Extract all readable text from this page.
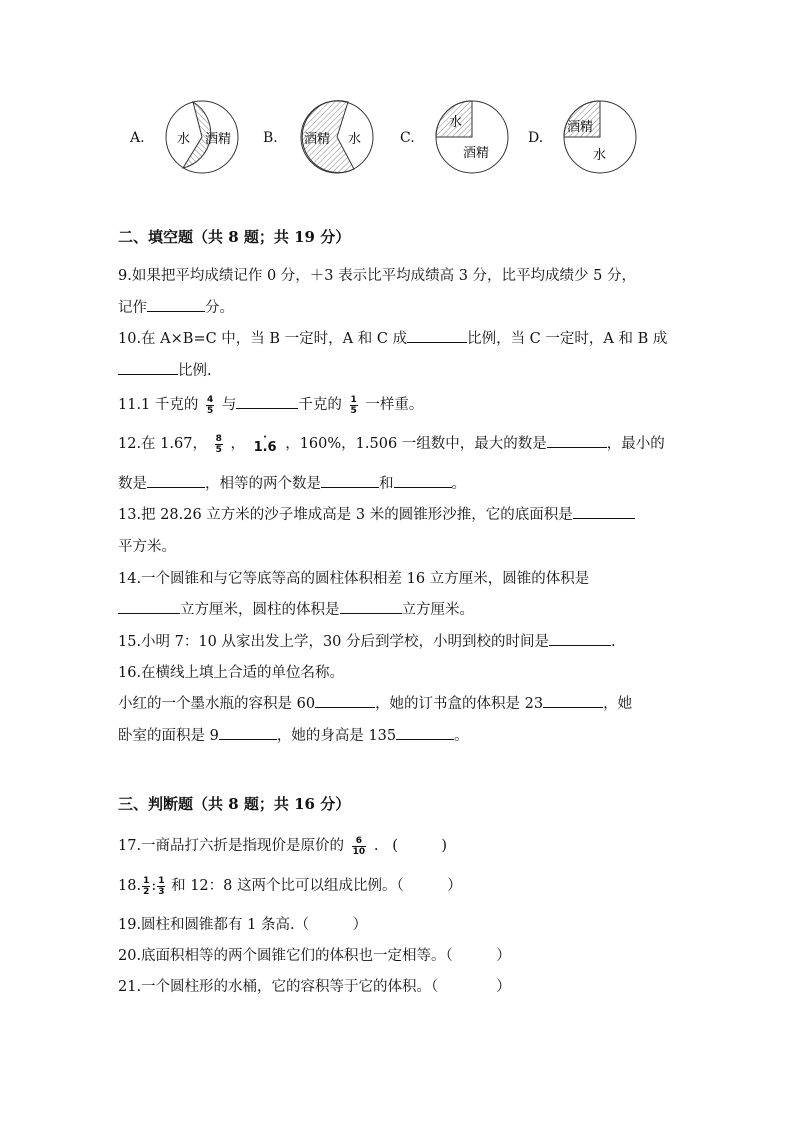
A. 水 酒精 B. 酒精 水	C.
水
酒精
D.
酒精
水
二、填空题（共 8 题；共 19 分）
9.如果把平均成绩记作 0 分，＋3 表示比平均成绩高 3 分，比平均成绩少 5 分，
记作	分。
10.在 A×B=C 中，当 B 一定时，A 和 C 成	比例，当 C 一定时，A 和 B 成
比例.
11.1 千克的 $\frac{4}{5}$ 与	千克的 $\frac{1}{5}$ 一样重。
12.在 1.67， $\frac{8}{5}$ ，	·
1.6 ，160%，1.506 一组数中，最大的数是	，最小的
数是	，相等的两个数是	和	。
13.把 28.26 立方米的沙子堆成高是 3 米的圆锥形沙推，它的底面积是
平方米。
14.一个圆锥和与它等底等高的圆柱体积相差 16 立方厘米，圆锥的体积是
立方厘米，圆柱的体积是	立方厘米。
15.小明 7：10 从家出发上学，30 分后到学校，小明到校的时间是	.
16.在横线上填上合适的单位名称。
小红的一个墨水瓶的容积是 60	，她的订书盒的体积是 23	，她
卧室的面积是 9	，她的身高是 135	。
三、判断题（共 8 题；共 16 分）
17.一商品打六折是指现价是原价的 $\frac{6}{10}$ . (　　　)
18. $\frac{1}{2}$ : $\frac{1}{3}$ 和 12：8 这两个比可以组成比例。（　　　）
19.圆柱和圆锥都有 1 条高.（　　　）
20.底面积相等的两个圆锥它们的体积也一定相等。（　　　）
21.一个圆柱形的水桶，它的容积等于它的体积。（　　　　）
